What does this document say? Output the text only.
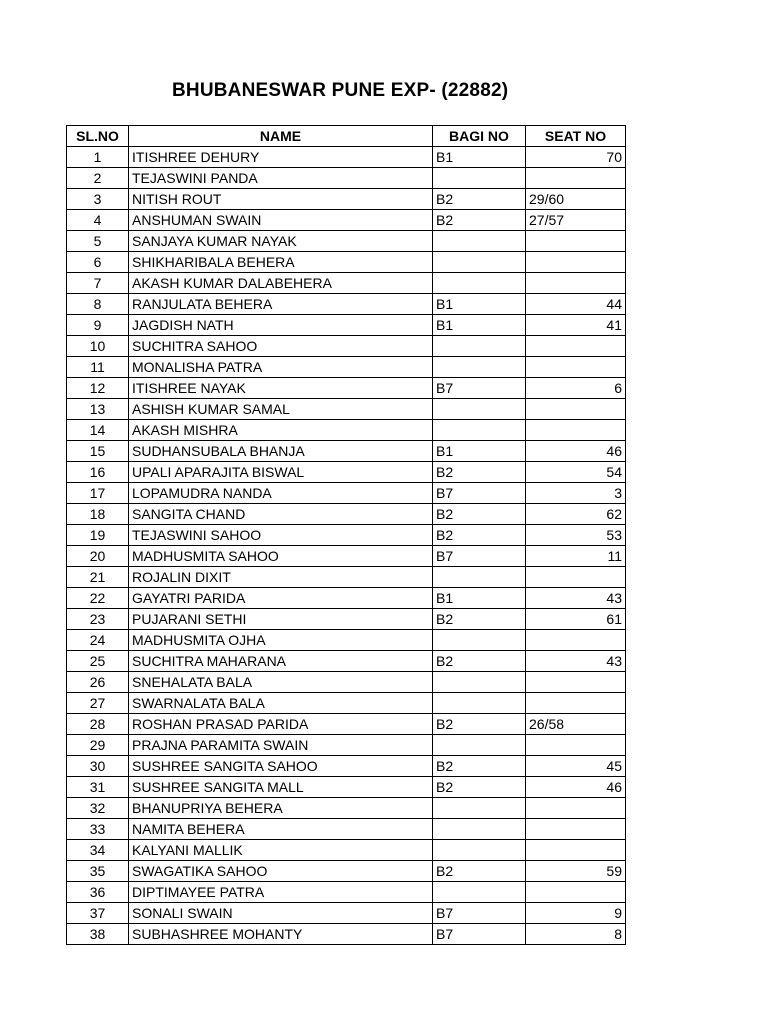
BHUBANESWAR PUNE EXP- (22882)
SL.NO	NAME	BAGI NO	SEAT NO
1	ITISHREE DEHURY	B1	70
2	TEJASWINI PANDA		
3	NITISH ROUT	B2	29/60
4	ANSHUMAN SWAIN	B2	27/57
5	SANJAYA KUMAR NAYAK		
6	SHIKHARIBALA BEHERA		
7	AKASH KUMAR DALABEHERA		
8	RANJULATA BEHERA	B1	44
9	JAGDISH NATH	B1	41
10	SUCHITRA SAHOO		
11	MONALISHA PATRA		
12	ITISHREE NAYAK	B7	6
13	ASHISH KUMAR SAMAL		
14	AKASH MISHRA		
15	SUDHANSUBALA BHANJA	B1	46
16	UPALI APARAJITA BISWAL	B2	54
17	LOPAMUDRA NANDA	B7	3
18	SANGITA CHAND	B2	62
19	TEJASWINI SAHOO	B2	53
20	MADHUSMITA SAHOO	B7	11
21	ROJALIN DIXIT		
22	GAYATRI PARIDA	B1	43
23	PUJARANI SETHI	B2	61
24	MADHUSMITA OJHA		
25	SUCHITRA MAHARANA	B2	43
26	SNEHALATA BALA		
27	SWARNALATA BALA		
28	ROSHAN PRASAD PARIDA	B2	26/58
29	PRAJNA PARAMITA SWAIN		
30	SUSHREE SANGITA SAHOO	B2	45
31	SUSHREE SANGITA MALL	B2	46
32	BHANUPRIYA BEHERA		
33	NAMITA BEHERA		
34	KALYANI MALLIK		
35	SWAGATIKA SAHOO	B2	59
36	DIPTIMAYEE PATRA		
37	SONALI SWAIN	B7	9
38	SUBHASHREE MOHANTY	B7	8
